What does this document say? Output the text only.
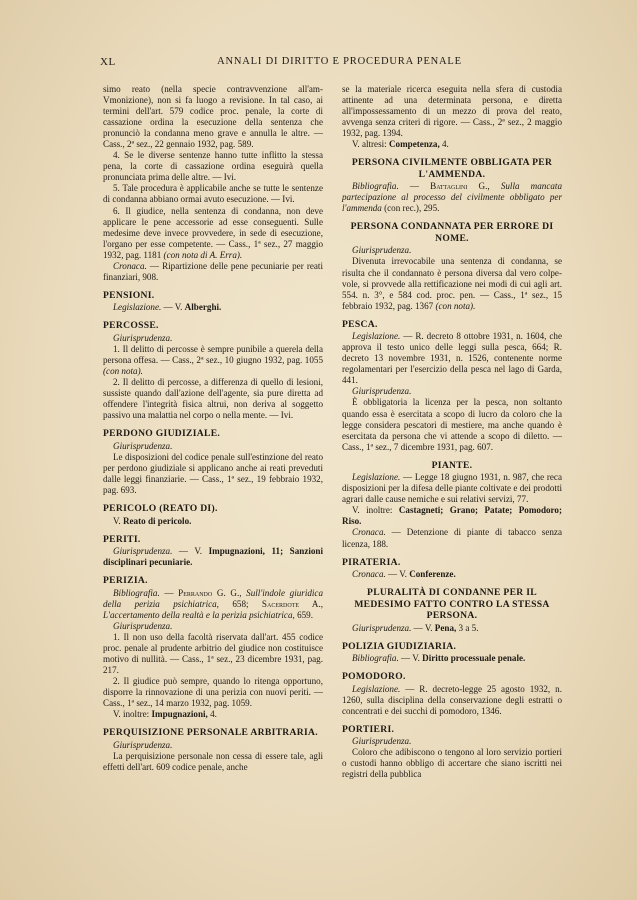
XL	ANNALI DI DIRITTO E PROCEDURA PENALE

simo reato (nella specie contravvenzione all'amVmonizione), non si fa luogo a revisione. In tal caso, ai termini dell'art. 579 codice proc. penale, la corte di cassazione ordina la esecuzione della sentenza che pronunciò la condanna meno grave e annulla le altre. — Cass., 2ª sez., 22 gennaio 1932, pag. 589.

4. Se le diverse sentenze hanno tutte inflitto la stessa pena, la corte di cassazione ordina eseguirà quella pronunciata prima delle altre. — Ivi.

5. Tale procedura è applicabile anche se tutte le sentenze di condanna abbiano ormai avuto esecuzione. — Ivi.

6. Il giudice, nella sentenza di condanna, non deve applicare le pene accessorie ad esse conseguenti. Sulle medesime deve invece provvedere, in sede di esecuzione, l'organo per esse competente. — Cass., 1ª sez., 27 maggio 1932, pag. 1181 (con nota di A. Erra).

Cronaca. — Ripartizione delle pene pecuniarie per reati finanziari, 908.

PENSIONI.

Legislazione. — V. Alberghi.

PERCOSSE.

Giurisprudenza.

1. Il delitto di percosse è sempre punibile a querela della persona offesa. — Cass., 2ª sez., 10 giugno 1932, pag. 1055 (con nota).

2. Il delitto di percosse, a differenza di quello di lesioni, sussiste quando dall'azione dell'agente, sia pure diretta ad offendere l'integrità fisica altrui, non deriva al soggetto passivo una malattia nel corpo o nella mente. — Ivi.

PERDONO GIUDIZIALE.

Giurisprudenza.

Le disposizioni del codice penale sull'estinzione del reato per perdono giudiziale si applicano anche ai reati preveduti dalle leggi finanziarie. — Cass., 1ª sez., 19 febbraio 1932, pag. 693.

PERICOLO (REATO DI).

V. Reato di pericolo.

PERITI.

Giurisprudenza. — V. Impugnazioni, 11; Sanzioni disciplinari pecuniarie.

PERIZIA.

Bibliografia. — Perrando G. G., Sull'indole giuridica della perizia psichiatrica, 658; Sacerdote A., L'accertamento della realtà e la perizia psichiatrica, 659.

Giurisprudenza.

1. Il non uso della facoltà riservata dall'art. 455 codice proc. penale al prudente arbitrio del giudice non costituisce motivo di nullità. — Cass., 1ª sez., 23 dicembre 1931, pag. 217.

2. Il giudice può sempre, quando lo ritenga opportuno, disporre la rinnovazione di una perizia con nuovi periti. — Cass., 1ª sez., 14 marzo 1932, pag. 1059.

V. inoltre: Impugnazioni, 4.

PERQUISIZIONE PERSONALE ARBITRARIA.

Giurisprudenza.

La perquisizione personale non cessa di essere tale, agli effetti dell'art. 609 codice penale, anche

se la materiale ricerca eseguita nella sfera di custodia attinente ad una determinata persona, e diretta all'impossessamento di un mezzo di prova del reato, avvenga senza criteri di rigore. — Cass., 2ª sez., 2 maggio 1932, pag. 1394.

V. altresi: Competenza, 4.

PERSONA CIVILMENTE OBBLIGATA PER L'AMMENDA.

Bibliografia. — Battaglini G., Sulla mancata partecipazione al processo del civilmente obbligato per l'ammenda (con rec.), 295.

PERSONA CONDANNATA PER ERRORE DI NOME.

Giurisprudenza.

Divenuta irrevocabile una sentenza di condanna, se risulta che il condannato è persona diversa dal vero colpevole, si provvede alla rettificazione nei modi di cui agli art. 554. n. 3°, e 584 cod. proc. pen. — Cass., 1ª sez., 15 febbraio 1932, pag. 1367 (con nota).

PESCA.

Legislazione. — R. decreto 8 ottobre 1931, n. 1604, che approva il testo unico delle leggi sulla pesca, 664; R. decreto 13 novembre 1931, n. 1526, contenente norme regolamentari per l'esercizio della pesca nel lago di Garda, 441.

Giurisprudenza.

È obbligatoria la licenza per la pesca, non soltanto quando essa è esercitata a scopo di lucro da coloro che la legge considera pescatori di mestiere, ma anche quando è esercitata da persona che vi attende a scopo di diletto. — Cass., 1ª sez., 7 dicembre 1931, pag. 607.

PIANTE.

Legislazione. — Legge 18 giugno 1931, n. 987, che reca disposizioni per la difesa delle piante coltivate e dei prodotti agrari dalle cause nemiche e sui relativi servizi, 77.

V. inoltre: Castagneti; Grano; Patate; Pomodoro; Riso.

Cronaca. — Detenzione di piante di tabacco senza licenza, 188.

PIRATERIA.

Cronaca. — V. Conferenze.

PLURALITÀ DI CONDANNE PER IL MEDESIMO FATTO CONTRO LA STESSA PERSONA.

Giurisprudenza. — V. Pena, 3 a 5.

POLIZIA GIUDIZIARIA.

Bibliografia. — V. Diritto processuale penale.

POMODORO.

Legislazione. — R. decreto-legge 25 agosto 1932, n. 1260, sulla disciplina della conservazione degli estratti o concentrati e dei succhi di pomodoro, 1346.

PORTIERI.

Giurisprudenza.

Coloro che adibiscono o tengono al loro servizio portieri o custodi hanno obbligo di accertare che siano iscritti nei registri della pubblica
